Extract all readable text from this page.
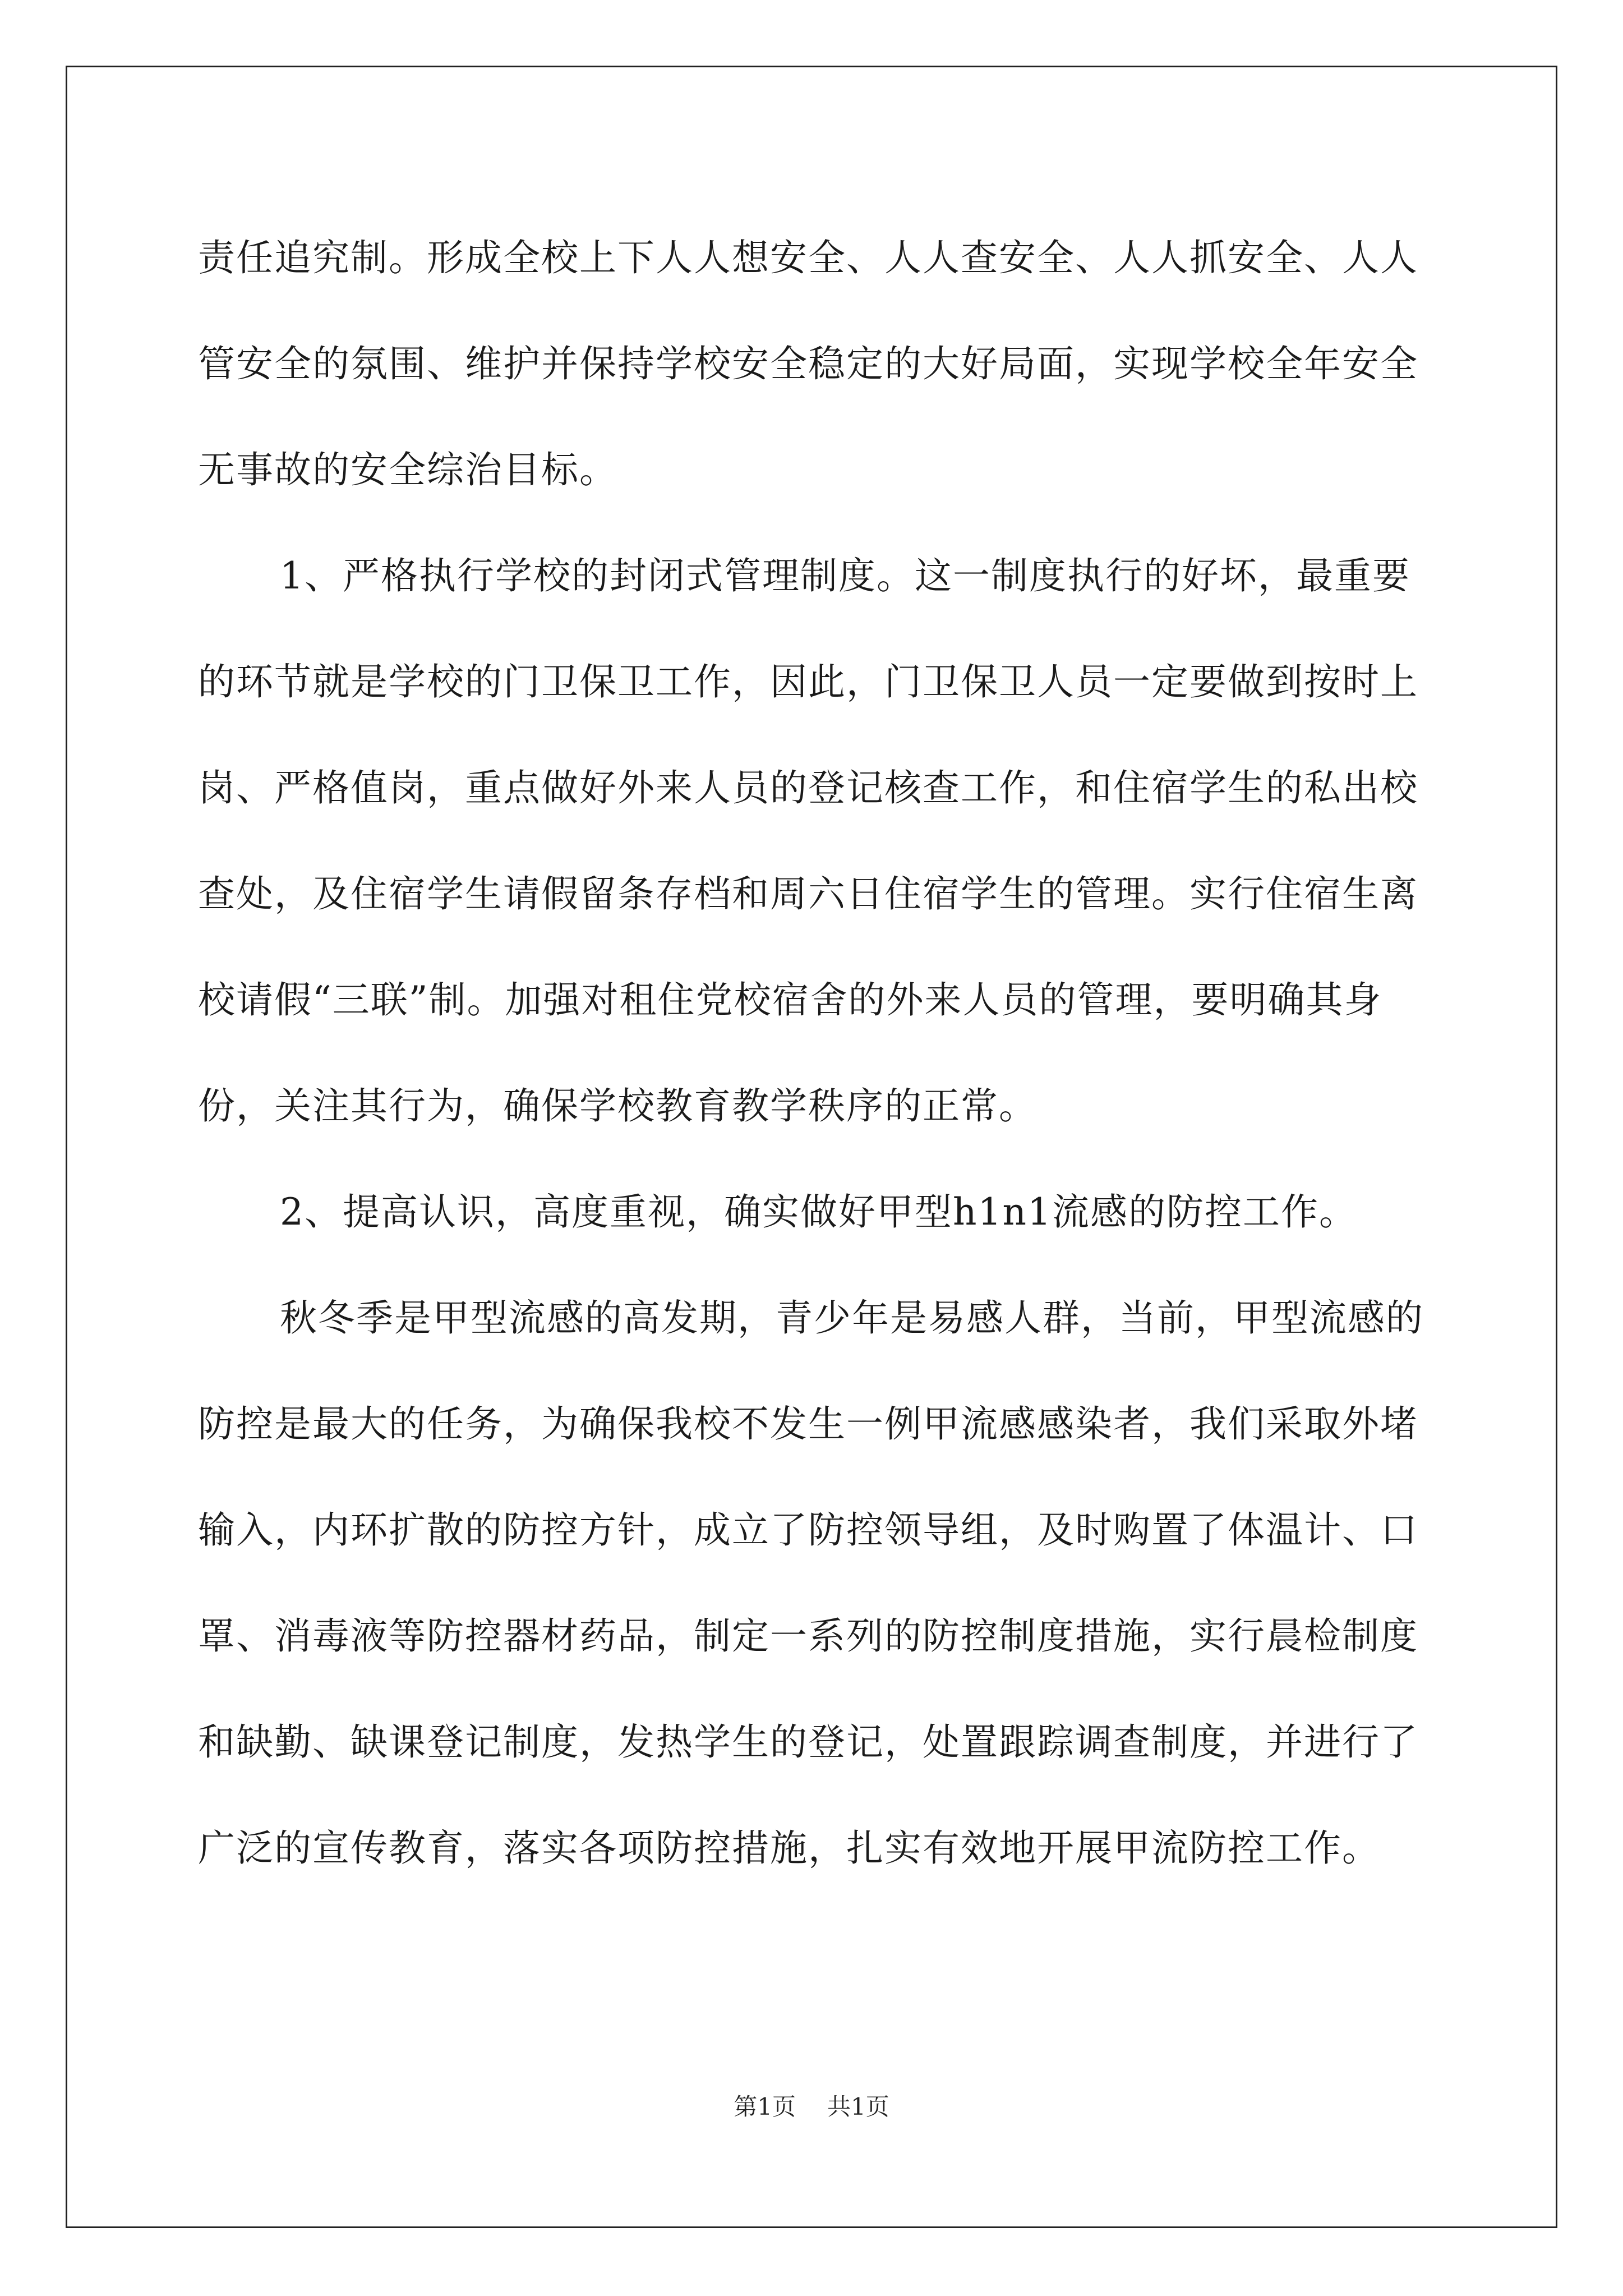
责任追究制。形成全校上下人人想安全、人人查安全、人人抓安全、人人管安全的氛围、维护并保持学校安全稳定的大好局面，实现学校全年安全无事故的安全综治目标。

1、严格执行学校的封闭式管理制度。这一制度执行的好坏，最重要的环节就是学校的门卫保卫工作，因此，门卫保卫人员一定要做到按时上岗、严格值岗，重点做好外来人员的登记核查工作，和住宿学生的私出校查处，及住宿学生请假留条存档和周六日住宿学生的管理。实行住宿生离校请假“三联”制。加强对租住党校宿舍的外来人员的管理，要明确其身份，关注其行为，确保学校教育教学秩序的正常。

2、提高认识，高度重视，确实做好甲型h1n1流感的防控工作。

秋冬季是甲型流感的高发期，青少年是易感人群，当前，甲型流感的防控是最大的任务，为确保我校不发生一例甲流感感染者，我们采取外堵输入，内环扩散的防控方针，成立了防控领导组，及时购置了体温计、口罩、消毒液等防控器材药品，制定一系列的防控制度措施，实行晨检制度和缺勤、缺课登记制度，发热学生的登记，处置跟踪调查制度，并进行了广泛的宣传教育，落实各项防控措施，扎实有效地开展甲流防控工作。

第1页 共1页
